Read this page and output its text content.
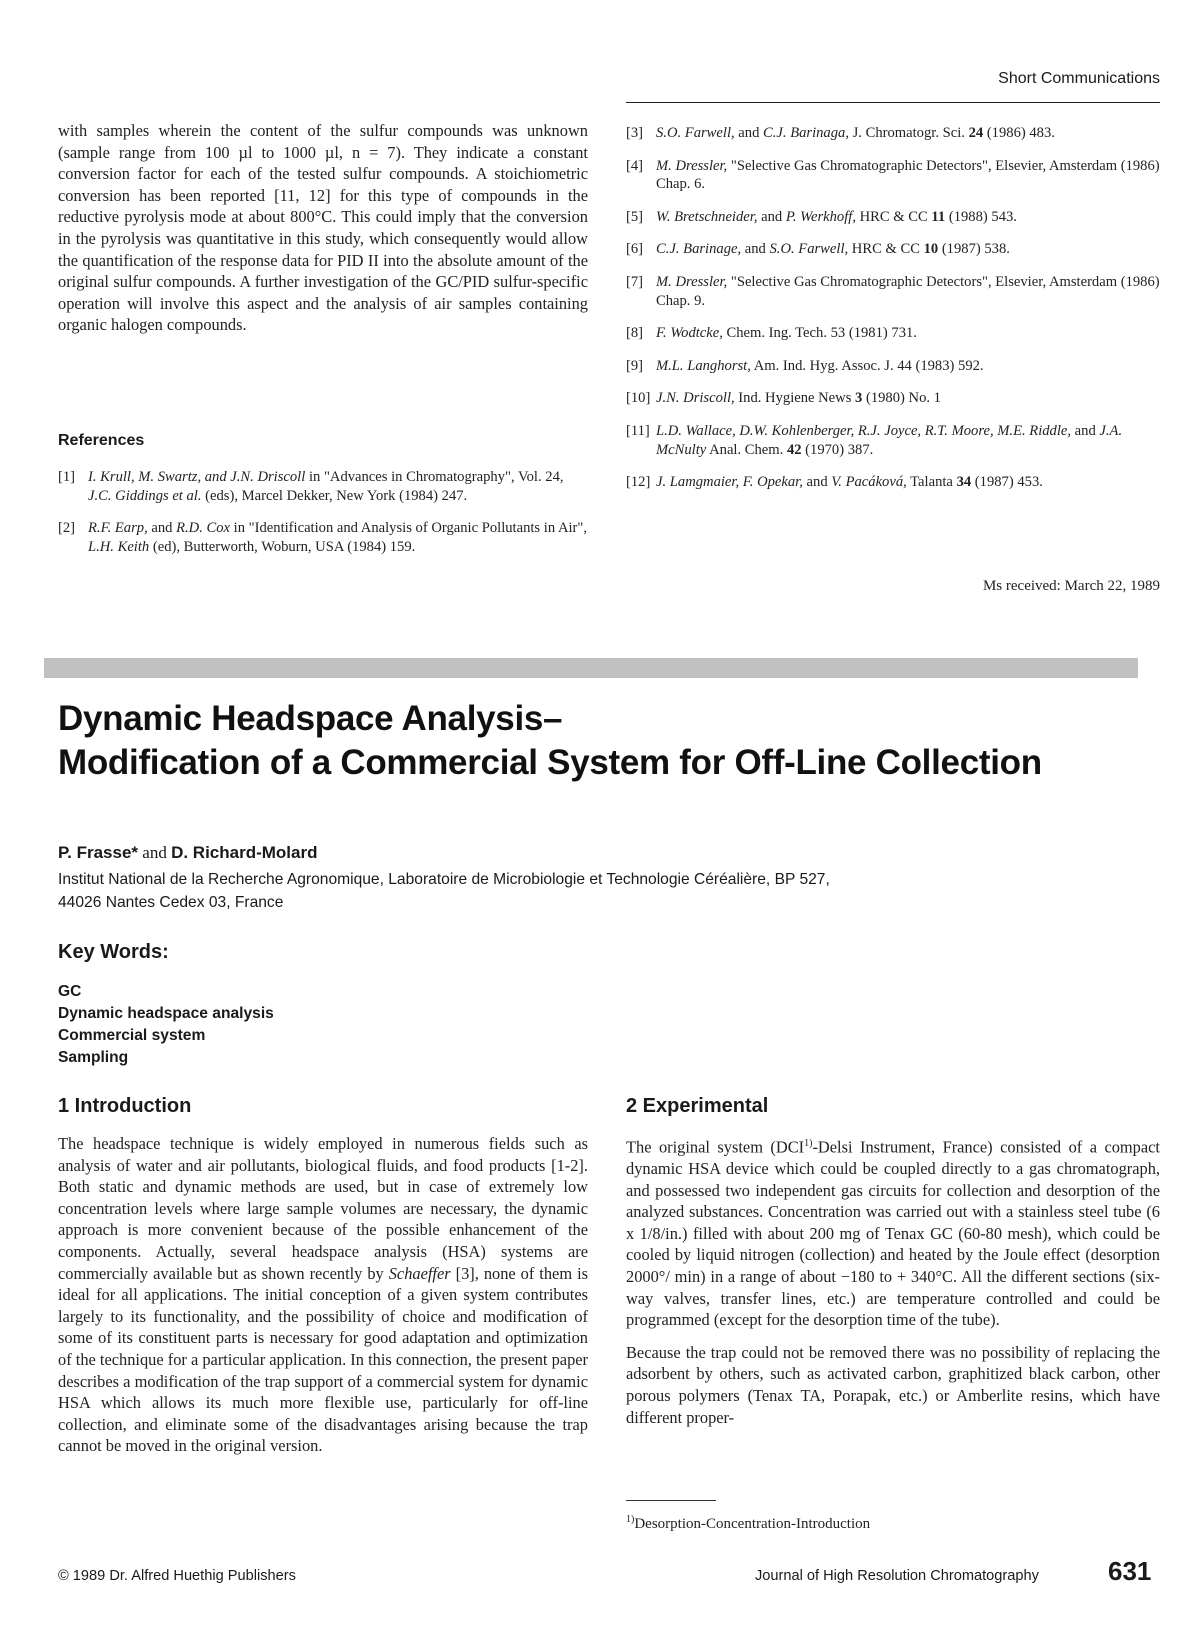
Short Communications

with samples wherein the content of the sulfur compounds was unknown (sample range from 100 µl to 1000 µl, n = 7). They indicate a constant conversion factor for each of the tested sulfur compounds. A stoichiometric conversion has been reported [11, 12] for this type of compounds in the reductive pyrolysis mode at about 800°C. This could imply that the conversion in the pyrolysis was quantitative in this study, which consequently would allow the quantification of the response data for PID II into the absolute amount of the original sulfur compounds. A further investigation of the GC/PID sulfur-specific operation will involve this aspect and the analysis of air samples containing organic halogen compounds.

References
[1] I. Krull, M. Swartz, and J.N. Driscoll in "Advances in Chromatography", Vol. 24, J.C. Giddings et al. (eds), Marcel Dekker, New York (1984) 247.
[2] R.F. Earp, and R.D. Cox in "Identification and Analysis of Organic Pollutants in Air", L.H. Keith (ed), Butterworth, Woburn, USA (1984) 159.
[3] S.O. Farwell, and C.J. Barinaga, J. Chromatogr. Sci. 24 (1986) 483.
[4] M. Dressler, "Selective Gas Chromatographic Detectors", Elsevier, Amsterdam (1986) Chap. 6.
[5] W. Bretschneider, and P. Werkhoff, HRC & CC 11 (1988) 543.
[6] C.J. Barinage, and S.O. Farwell, HRC & CC 10 (1987) 538.
[7] M. Dressler, "Selective Gas Chromatographic Detectors", Elsevier, Amsterdam (1986) Chap. 9.
[8] F. Wodtcke, Chem. Ing. Tech. 53 (1981) 731.
[9] M.L. Langhorst, Am. Ind. Hyg. Assoc. J. 44 (1983) 592.
[10] J.N. Driscoll, Ind. Hygiene News 3 (1980) No. 1
[11] L.D. Wallace, D.W. Kohlenberger, R.J. Joyce, R.T. Moore, M.E. Riddle, and J.A. McNulty Anal. Chem. 42 (1970) 387.
[12] J. Lamgmaier, F. Opekar, and V. Pacáková, Talanta 34 (1987) 453.
Ms received: March 22, 1989
Dynamic Headspace Analysis–
Modification of a Commercial System for Off-Line Collection
P. Frasse* and D. Richard-Molard
Institut National de la Recherche Agronomique, Laboratoire de Microbiologie et Technologie Céréalière, BP 527,
44026 Nantes Cedex 03, France
Key Words:
GC
Dynamic headspace analysis
Commercial system
Sampling
1 Introduction

The headspace technique is widely employed in numerous fields such as analysis of water and air pollutants, biological fluids, and food products [1-2]. Both static and dynamic methods are used, but in case of extremely low concentration levels where large sample volumes are necessary, the dynamic approach is more convenient because of the possible enhancement of the components. Actually, several headspace analysis (HSA) systems are commercially available but as shown recently by Schaeffer [3], none of them is ideal for all applications. The initial conception of a given system contributes largely to its functionality, and the possibility of choice and modification of some of its constituent parts is necessary for good adaptation and optimization of the technique for a particular application. In this connection, the present paper describes a modification of the trap support of a commercial system for dynamic HSA which allows its much more flexible use, particularly for off-line collection, and eliminate some of the disadvantages arising because the trap cannot be moved in the original version.

2 Experimental

The original system (DCI$^{1)}$-Delsi Instrument, France) consisted of a compact dynamic HSA device which could be coupled directly to a gas chromatograph, and possessed two independent gas circuits for collection and desorption of the analyzed substances. Concentration was carried out with a stainless steel tube (6 x 1/8/in.) filled with about 200 mg of Tenax GC (60-80 mesh), which could be cooled by liquid nitrogen (collection) and heated by the Joule effect (desorption 2000°/ min) in a range of about −180 to + 340°C. All the different sections (six-way valves, transfer lines, etc.) are temperature controlled and could be programmed (except for the desorption time of the tube).

Because the trap could not be removed there was no possibility of replacing the adsorbent by others, such as activated carbon, graphitized black carbon, other porous polymers (Tenax TA, Porapak, etc.) or Amberlite resins, which have different proper-

$^{1)}$Desorption-Concentration-Introduction
© 1989 Dr. Alfred Huethig Publishers	Journal of High Resolution Chromatography	631
